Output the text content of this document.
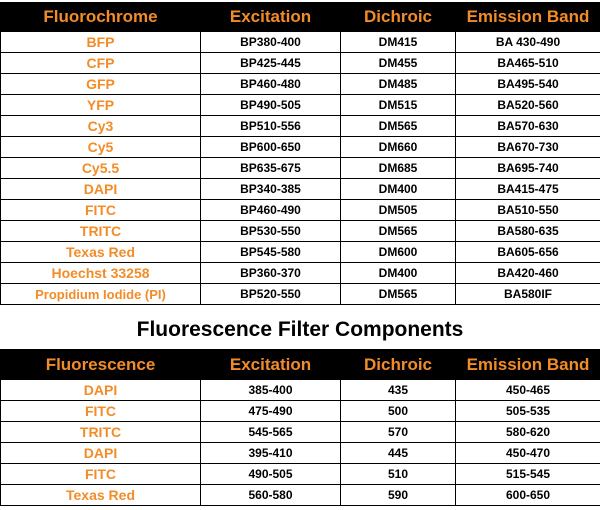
Fluorochrome	Excitation	Dichroic	Emission Band
BFP	BP380-400	DM415	BA 430-490
CFP	BP425-445	DM455	BA465-510
GFP	BP460-480	DM485	BA495-540
YFP	BP490-505	DM515	BA520-560
Cy3	BP510-556	DM565	BA570-630
Cy5	BP600-650	DM660	BA670-730
Cy5.5	BP635-675	DM685	BA695-740
DAPI	BP340-385	DM400	BA415-475
FITC	BP460-490	DM505	BA510-550
TRITC	BP530-550	DM565	BA580-635
Texas Red	BP545-580	DM600	BA605-656
Hoechst 33258	BP360-370	DM400	BA420-460
Propidium Iodide (PI)	BP520-550	DM565	BA580IF
Fluorescence Filter Components
Fluorescence	Excitation	Dichroic	Emission Band
DAPI	385-400	435	450-465
FITC	475-490	500	505-535
TRITC	545-565	570	580-620
DAPI	395-410	445	450-470
FITC	490-505	510	515-545
Texas Red	560-580	590	600-650
